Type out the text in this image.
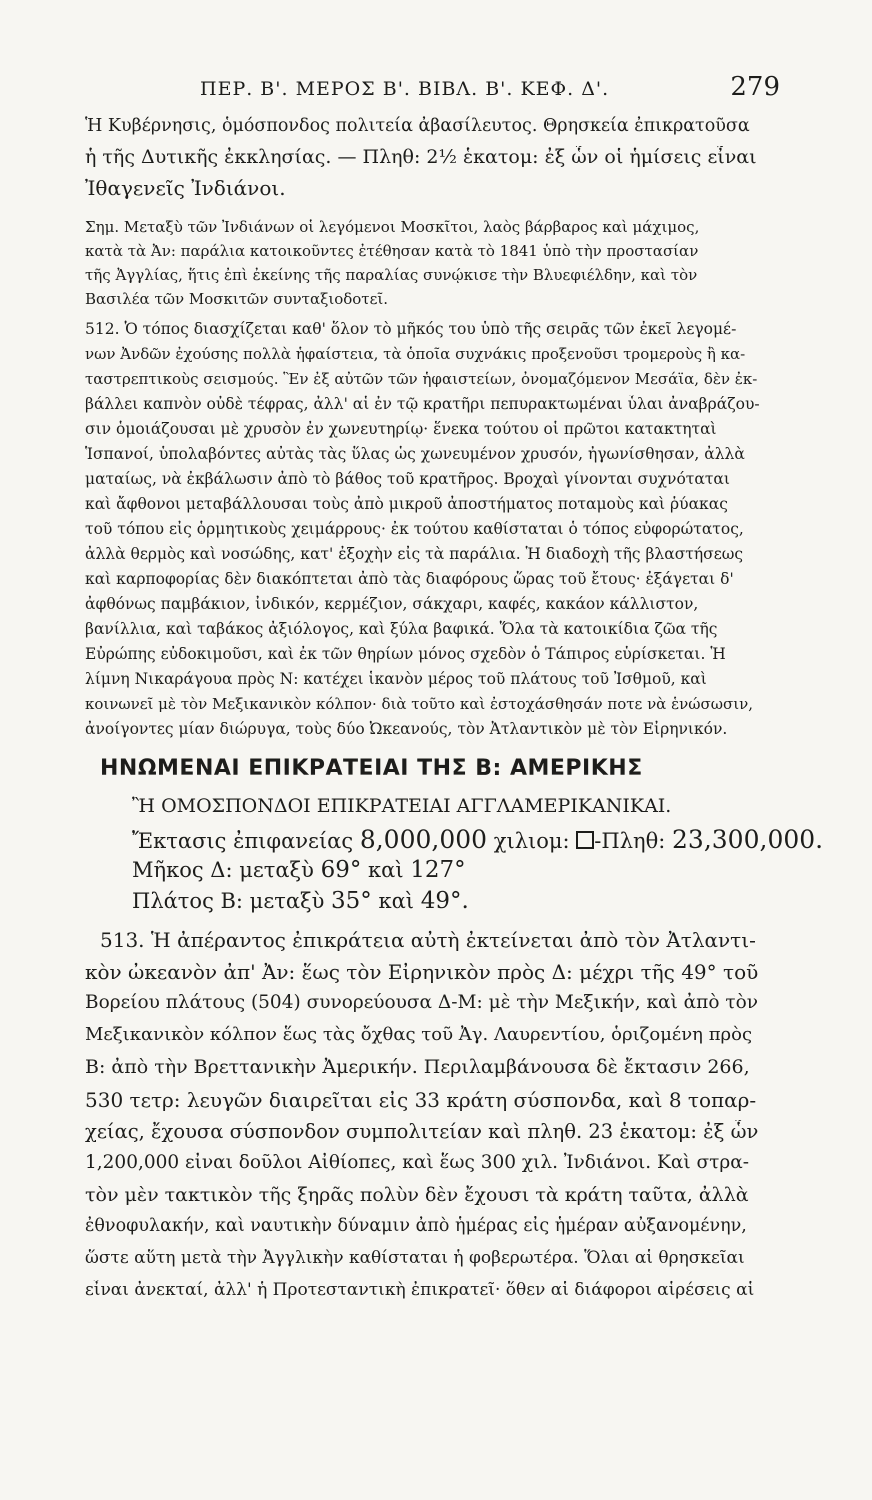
ΠΕΡ. Β'. ΜΕΡΟΣ Β'. ΒΙΒΛ. Β'. ΚΕΦ. Δ'.	279
Ἡ Κυβέρνησις, ὁμόσπονδος πολιτεία ἀβασίλευτος. Θρησκεία ἐπικρατοῦσα
ἡ τῆς Δυτικῆς ἐκκλησίας. — Πληθ: 2½ ἑκατομ: ἐξ ὧν οἱ ἡμίσεις εἶναι
Ἰθαγενεῖς Ἰνδιάνοι.
Σημ. Μεταξὺ τῶν Ἰνδιάνων οἱ λεγόμενοι Μοσκῖτοι, λαὸς βάρβαρος καὶ μάχιμος,
κατὰ τὰ Ἀν: παράλια κατοικοῦντες ἐτέθησαν κατὰ τὸ 1841 ὑπὸ τὴν προστασίαν
τῆς Ἀγγλίας, ἥτις ἐπὶ ἐκείνης τῆς παραλίας συνῴκισε τὴν Βλυεφιέλδην, καὶ τὸν
Βασιλέα τῶν Μοσκιτῶν συνταξιοδοτεῖ.
512. Ὁ τόπος διασχίζεται καθ' ὅλον τὸ μῆκός του ὑπὸ τῆς σειρᾶς τῶν ἐκεῖ λεγομέ-
νων Ἀνδῶν ἐχούσης πολλὰ ἡφαίστεια, τὰ ὁποῖα συχνάκις προξενοῦσι τρομεροὺς ἢ κα-
ταστρεπτικοὺς σεισμούς. Ἓν ἐξ αὐτῶν τῶν ἡφαιστείων, ὀνομαζόμενον Μεσάϊα, δὲν ἐκ-
βάλλει καπνὸν οὐδὲ τέφρας, ἀλλ' αἱ ἐν τῷ κρατῆρι πεπυρακτωμέναι ὗλαι ἀναβράζου-
σιν ὁμοιάζουσαι μὲ χρυσὸν ἐν χωνευτηρίῳ· ἕνεκα τούτου οἱ πρῶτοι κατακτηταὶ
Ἱσπανοί, ὑπολαβόντες αὐτὰς τὰς ὕλας ὡς χωνευμένον χρυσόν, ἠγωνίσθησαν, ἀλλὰ
ματαίως, νὰ ἐκβάλωσιν ἀπὸ τὸ βάθος τοῦ κρατῆρος. Βροχαὶ γίνονται συχνόταται
καὶ ἄφθονοι μεταβάλλουσαι τοὺς ἀπὸ μικροῦ ἀποστήματος ποταμοὺς καὶ ῥύακας
τοῦ τόπου εἰς ὁρμητικοὺς χειμάρρους· ἐκ τούτου καθίσταται ὁ τόπος εὐφορώτατος,
ἀλλὰ θερμὸς καὶ νοσώδης, κατ' ἐξοχὴν εἰς τὰ παράλια. Ἡ διαδοχὴ τῆς βλαστήσεως
καὶ καρποφορίας δὲν διακόπτεται ἀπὸ τὰς διαφόρους ὥρας τοῦ ἔτους· ἐξάγεται δ'
ἀφθόνως παμβάκιον, ἰνδικόν, κερμέζιον, σάκχαρι, καφές, κακάον κάλλιστον,
βανίλλια, καὶ ταβάκος ἀξιόλογος, καὶ ξύλα βαφικά. Ὅλα τὰ κατοικίδια ζῶα τῆς
Εὐρώπης εὐδοκιμοῦσι, καὶ ἐκ τῶν θηρίων μόνος σχεδὸν ὁ Τάπιρος εὑρίσκεται. Ἡ
λίμνη Νικαράγουα πρὸς Ν: κατέχει ἱκανὸν μέρος τοῦ πλάτους τοῦ Ἰσθμοῦ, καὶ
κοινωνεῖ μὲ τὸν Μεξικανικὸν κόλπον· διὰ τοῦτο καὶ ἐστοχάσθησάν ποτε νὰ ἑνώσωσιν,
ἀνοίγοντες μίαν διώρυγα, τοὺς δύο Ὠκεανούς, τὸν Ἀτλαντικὸν μὲ τὸν Εἰρηνικόν.
ΗΝΩΜΕΝΑΙ ΕΠΙΚΡΑΤΕΙΑΙ ΤΗΣ Β: ΑΜΕΡΙΚΗΣ
Ἢ ΟΜΟΣΠΟΝΔΟΙ ΕΠΙΚΡΑΤΕΙΑΙ ΑΓΓΛΑΜΕΡΙΚΑΝΙΚΑΙ.
Ἔκτασις ἐπιφανείας 8,000,000 χιλιομ: -Πληθ: 23,300,000.
Μῆκος Δ: μεταξὺ 69° καὶ 127°
Πλάτος Β: μεταξὺ 35° καὶ 49°.
513. Ἡ ἀπέραντος ἐπικράτεια αὐτὴ ἐκτείνεται ἀπὸ τὸν Ἀτλαντι-
κὸν ὠκεανὸν ἀπ' Ἀν: ἕως τὸν Εἰρηνικὸν πρὸς Δ: μέχρι τῆς 49° τοῦ
Βορείου πλάτους (504) συνορεύουσα Δ-Μ: μὲ τὴν Μεξικήν, καὶ ἀπὸ τὸν
Μεξικανικὸν κόλπον ἕως τὰς ὄχθας τοῦ Ἀγ. Λαυρεντίου, ὁριζομένη πρὸς
Β: ἀπὸ τὴν Βρεττανικὴν Ἀμερικήν. Περιλαμβάνουσα δὲ ἔκτασιν 266,
530 τετρ: λευγῶν διαιρεῖται εἰς 33 κράτη σύσπονδα, καὶ 8 τοπαρ-
χείας, ἔχουσα σύσπονδον συμπολιτείαν καὶ πληθ. 23 ἑκατομ: ἐξ ὧν
1,200,000 εἶναι δοῦλοι Αἰθίοπες, καὶ ἕως 300 χιλ. Ἰνδιάνοι. Καὶ στρα-
τὸν μὲν τακτικὸν τῆς ξηρᾶς πολὺν δὲν ἔχουσι τὰ κράτη ταῦτα, ἀλλὰ
ἐθνοφυλακήν, καὶ ναυτικὴν δύναμιν ἀπὸ ἡμέρας εἰς ἡμέραν αὐξανομένην,
ὥστε αὕτη μετὰ τὴν Ἀγγλικὴν καθίσταται ἡ φοβερωτέρα. Ὅλαι αἱ θρησκεῖαι
εἶναι ἀνεκταί, ἀλλ' ἡ Προτεσταντικὴ ἐπικρατεῖ· ὅθεν αἱ διάφοροι αἱρέσεις αἱ
